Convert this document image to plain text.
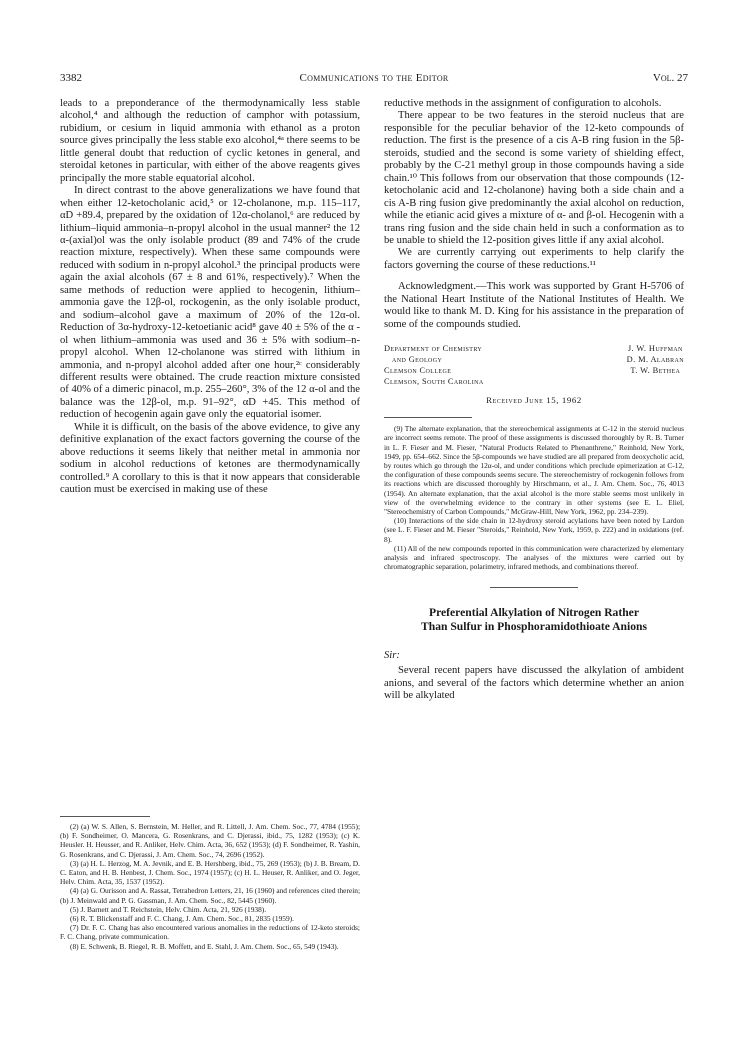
3382	Communications to the Editor	Vol. 27

leads to a preponderance of the thermodynamically less stable alcohol,⁴ and although the reduction of camphor with potassium, rubidium, or cesium in liquid ammonia with ethanol as a proton source gives principally the less stable exo alcohol,⁴ᵃ there seems to be little general doubt that reduction of cyclic ketones in general, and steroidal ketones in particular, with either of the above reagents gives principally the more stable equatorial alcohol.

In direct contrast to the above generalizations we have found that when either 12-ketocholanic acid,⁵ or 12-cholanone, m.p. 115–117, αD +89.4, prepared by the oxidation of 12α-cholanol,⁶ are reduced by lithium–liquid ammonia–n-propyl alcohol in the usual manner² the 12 α-(axial)ol was the only isolable product (89 and 74% of the crude reaction mixture, respectively). When these same compounds were reduced with sodium in n-propyl alcohol.³ the principal products were again the axial alcohols (67 ± 8 and 61%, respectively).⁷ When the same methods of reduction were applied to hecogenin, lithium–ammonia gave the 12β-ol, rockogenin, as the only isolable product, and sodium–alcohol gave a maximum of 20% of the 12α-ol. Reduction of 3α-hydroxy-12-ketoetianic acid⁸ gave 40 ± 5% of the α -ol when lithium–ammonia was used and 36 ± 5% with sodium–n-propyl alcohol. When 12-cholanone was stirred with lithium in ammonia, and n-propyl alcohol added after one hour,²ᶜ considerably different results were obtained. The crude reaction mixture consisted of 40% of a dimeric pinacol, m.p. 255–260°, 3% of the 12 α-ol and the balance was the 12β-ol, m.p. 91–92°, αD +45. This method of reduction of hecogenin again gave only the equatorial isomer.

While it is difficult, on the basis of the above evidence, to give any definitive explanation of the exact factors governing the course of the above reductions it seems likely that neither metal in ammonia nor sodium in alcohol reductions of ketones are thermodynamically controlled.⁹ A corollary to this is that it now appears that considerable caution must be exercised in making use of these

(2) (a) W. S. Allen, S. Bernstein, M. Heller, and R. Littell, J. Am. Chem. Soc., 77, 4784 (1955); (b) F. Sondheimer, O. Mancera, G. Rosenkrans, and C. Djerassi, ibid., 75, 1282 (1953); (c) K. Heusler. H. Heusser, and R. Anliker, Helv. Chim. Acta, 36, 652 (1953); (d) F. Sondheimer, R. Yashin, G. Rosenkrans, and C. Djerassi, J. Am. Chem. Soc., 74, 2696 (1952).

(3) (a) H. L. Herzog, M. A. Jevnik, and E. B. Hershberg, ibid., 75, 269 (1953); (b) J. B. Bream, D. C. Eaton, and H. B. Henbest, J. Chem. Soc., 1974 (1957); (c) H. L. Heuser, R. Anliker, and O. Jeger, Helv. Chim. Acta, 35, 1537 (1952).

(4) (a) G. Ourisson and A. Rassat, Tetrahedron Letters, 21, 16 (1960) and references cited therein; (b) J. Meinwald and P. G. Gassman, J. Am. Chem. Soc., 82, 5445 (1960).

(5) J. Barnett and T. Reichstein, Helv. Chim. Acta, 21, 926 (1938).

(6) R. T. Blickenstaff and F. C. Chang, J. Am. Chem. Soc., 81, 2835 (1959).

(7) Dr. F. C. Chang has also encountered various anomalies in the reductions of 12-keto steroids; F. C. Chang, private communication.

(8) E. Schwenk, B. Riegel, R. B. Moffett, and E. Stahl, J. Am. Chem. Soc., 65, 549 (1943).

reductive methods in the assignment of configuration to alcohols.

There appear to be two features in the steroid nucleus that are responsible for the peculiar behavior of the 12-keto compounds of reduction. The first is the presence of a cis A-B ring fusion in the 5β-steroids, studied and the second is some variety of shielding effect, probably by the C-21 methyl group in those compounds having a side chain.¹⁰ This follows from our observation that those compounds (12-ketocholanic acid and 12-cholanone) having both a side chain and a cis A-B ring fusion give predominantly the axial alcohol on reduction, while the etianic acid gives a mixture of α- and β-ol. Hecogenin with a trans ring fusion and the side chain held in such a conformation as to be unable to shield the 12-position gives little if any axial alcohol.

We are currently carrying out experiments to help clarify the factors governing the course of these reductions.¹¹

Acknowledgment.—This work was supported by Grant H-5706 of the National Heart Institute of the National Institutes of Health. We would like to thank M. D. King for his assistance in the preparation of some of the compounds studied.

Department of Chemistry
and Geology
Clemson College
Clemson, South Carolina
J. W. Huffman
D. M. Alabran
T. W. Bethea
Received June 15, 1962

(9) The alternate explanation, that the stereochemical assignments at C-12 in the steroid nucleus are incorrect seems remote. The proof of these assignments is discussed thoroughly by R. B. Turner in L. F. Fieser and M. Fieser, "Natural Products Related to Phenanthrene," Reinhold, New York, 1949, pp. 654–662. Since the 5β-compounds we have studied are all prepared from deoxycholic acid, by routes which go through the 12α-ol, and under conditions which preclude epimerization at C-12, the configuration of these compounds seems secure. The stereochemistry of rockogenin follows from its reactions which are discussed thoroughly by Hirschmann, et al., J. Am. Chem. Soc., 76, 4013 (1954). An alternate explanation, that the axial alcohol is the more stable seems most unlikely in view of the overwhelming evidence to the contrary in other systems (see E. L. Eliel, "Stereochemistry of Carbon Compounds," McGraw-Hill, New York, 1962, pp. 234–239).

(10) Interactions of the side chain in 12-hydroxy steroid acylations have been noted by Lardon (see L. F. Fieser and M. Fieser "Steroids," Reinhold, New York, 1959, p. 222) and in oxidations (ref. 8).

(11) All of the new compounds reported in this communication were characterized by elementary analysis and infrared spectroscopy. The analyses of the mixtures were carried out by chromatographic separation, polarimetry, infrared methods, and combinations thereof.

Preferential Alkylation of Nitrogen Rather
Than Sulfur in Phosphoramidothioate Anions
Sir:

Several recent papers have discussed the alkylation of ambident anions, and several of the factors which determine whether an anion will be alkylated
